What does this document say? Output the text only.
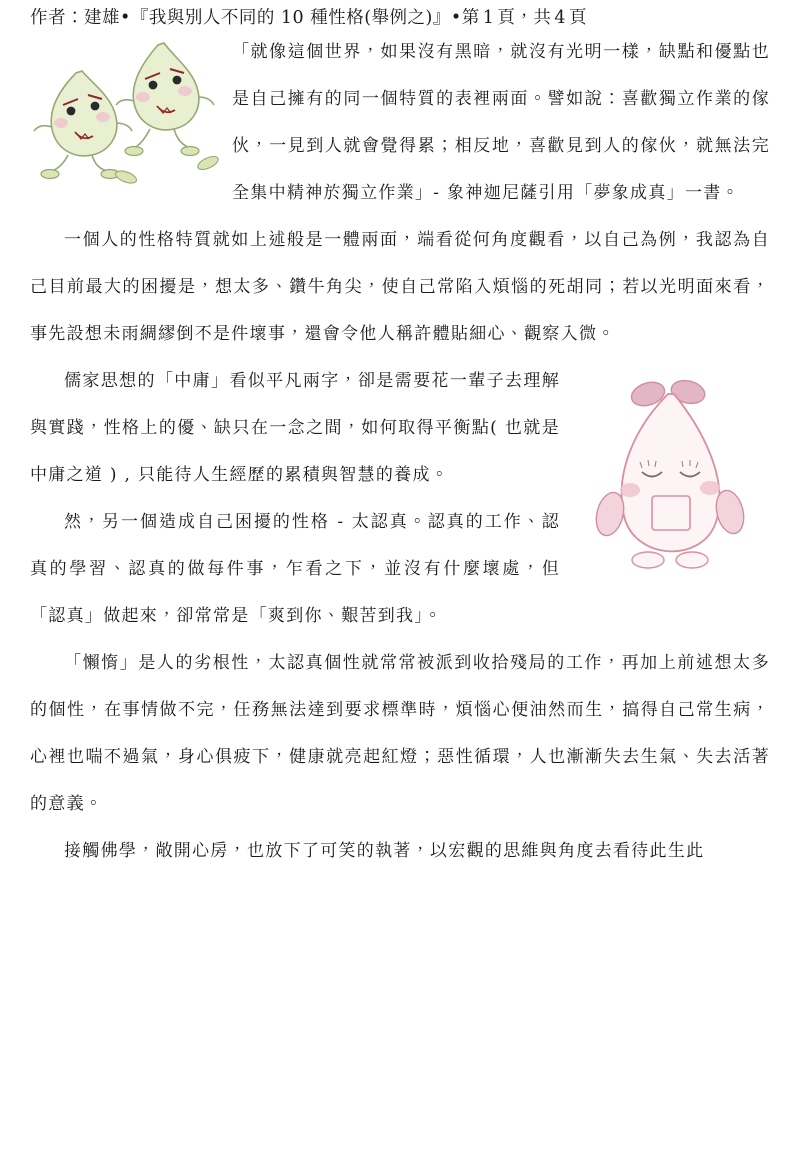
作者：建雄•『我與別人不同的 10 種性格(舉例之)』•第 1 頁，共 4 頁

「就像這個世界，如果沒有黑暗，就沒有光明一樣，缺點和優點也是自己擁有的同一個特質的表裡兩面。譬如說：喜歡獨立作業的傢伙，一見到人就會覺得累；相反地，喜歡見到人的傢伙，就無法完全集中精神於獨立作業」- 象神迦尼薩引用「夢象成真」一書。

一個人的性格特質就如上述般是一體兩面，端看從何角度觀看，以自己為例，我認為自己目前最大的困擾是，想太多、鑽牛角尖，使自己常陷入煩惱的死胡同；若以光明面來看，事先設想未雨綢繆倒不是件壞事，還會令他人稱許體貼細心、觀察入微。

儒家思想的「中庸」看似平凡兩字，卻是需要花一輩子去理解與實踐，性格上的優、缺只在一念之間，如何取得平衡點( 也就是中庸之道 ) , 只能待人生經歷的累積與智慧的養成。

然，另一個造成自己困擾的性格 - 太認真。認真的工作、認真的學習、認真的做每件事，乍看之下，並沒有什麼壞處，但「認真」做起來，卻常常是「爽到你、艱苦到我」。

「懶惰」是人的劣根性，太認真個性就常常被派到收拾殘局的工作，再加上前述想太多的個性，在事情做不完，任務無法達到要求標準時，煩惱心便油然而生，搞得自己常生病，心裡也喘不過氣，身心俱疲下，健康就亮起紅燈；惡性循環，人也漸漸失去生氣、失去活著的意義。

接觸佛學，敞開心房，也放下了可笑的執著，以宏觀的思維與角度去看待此生此
